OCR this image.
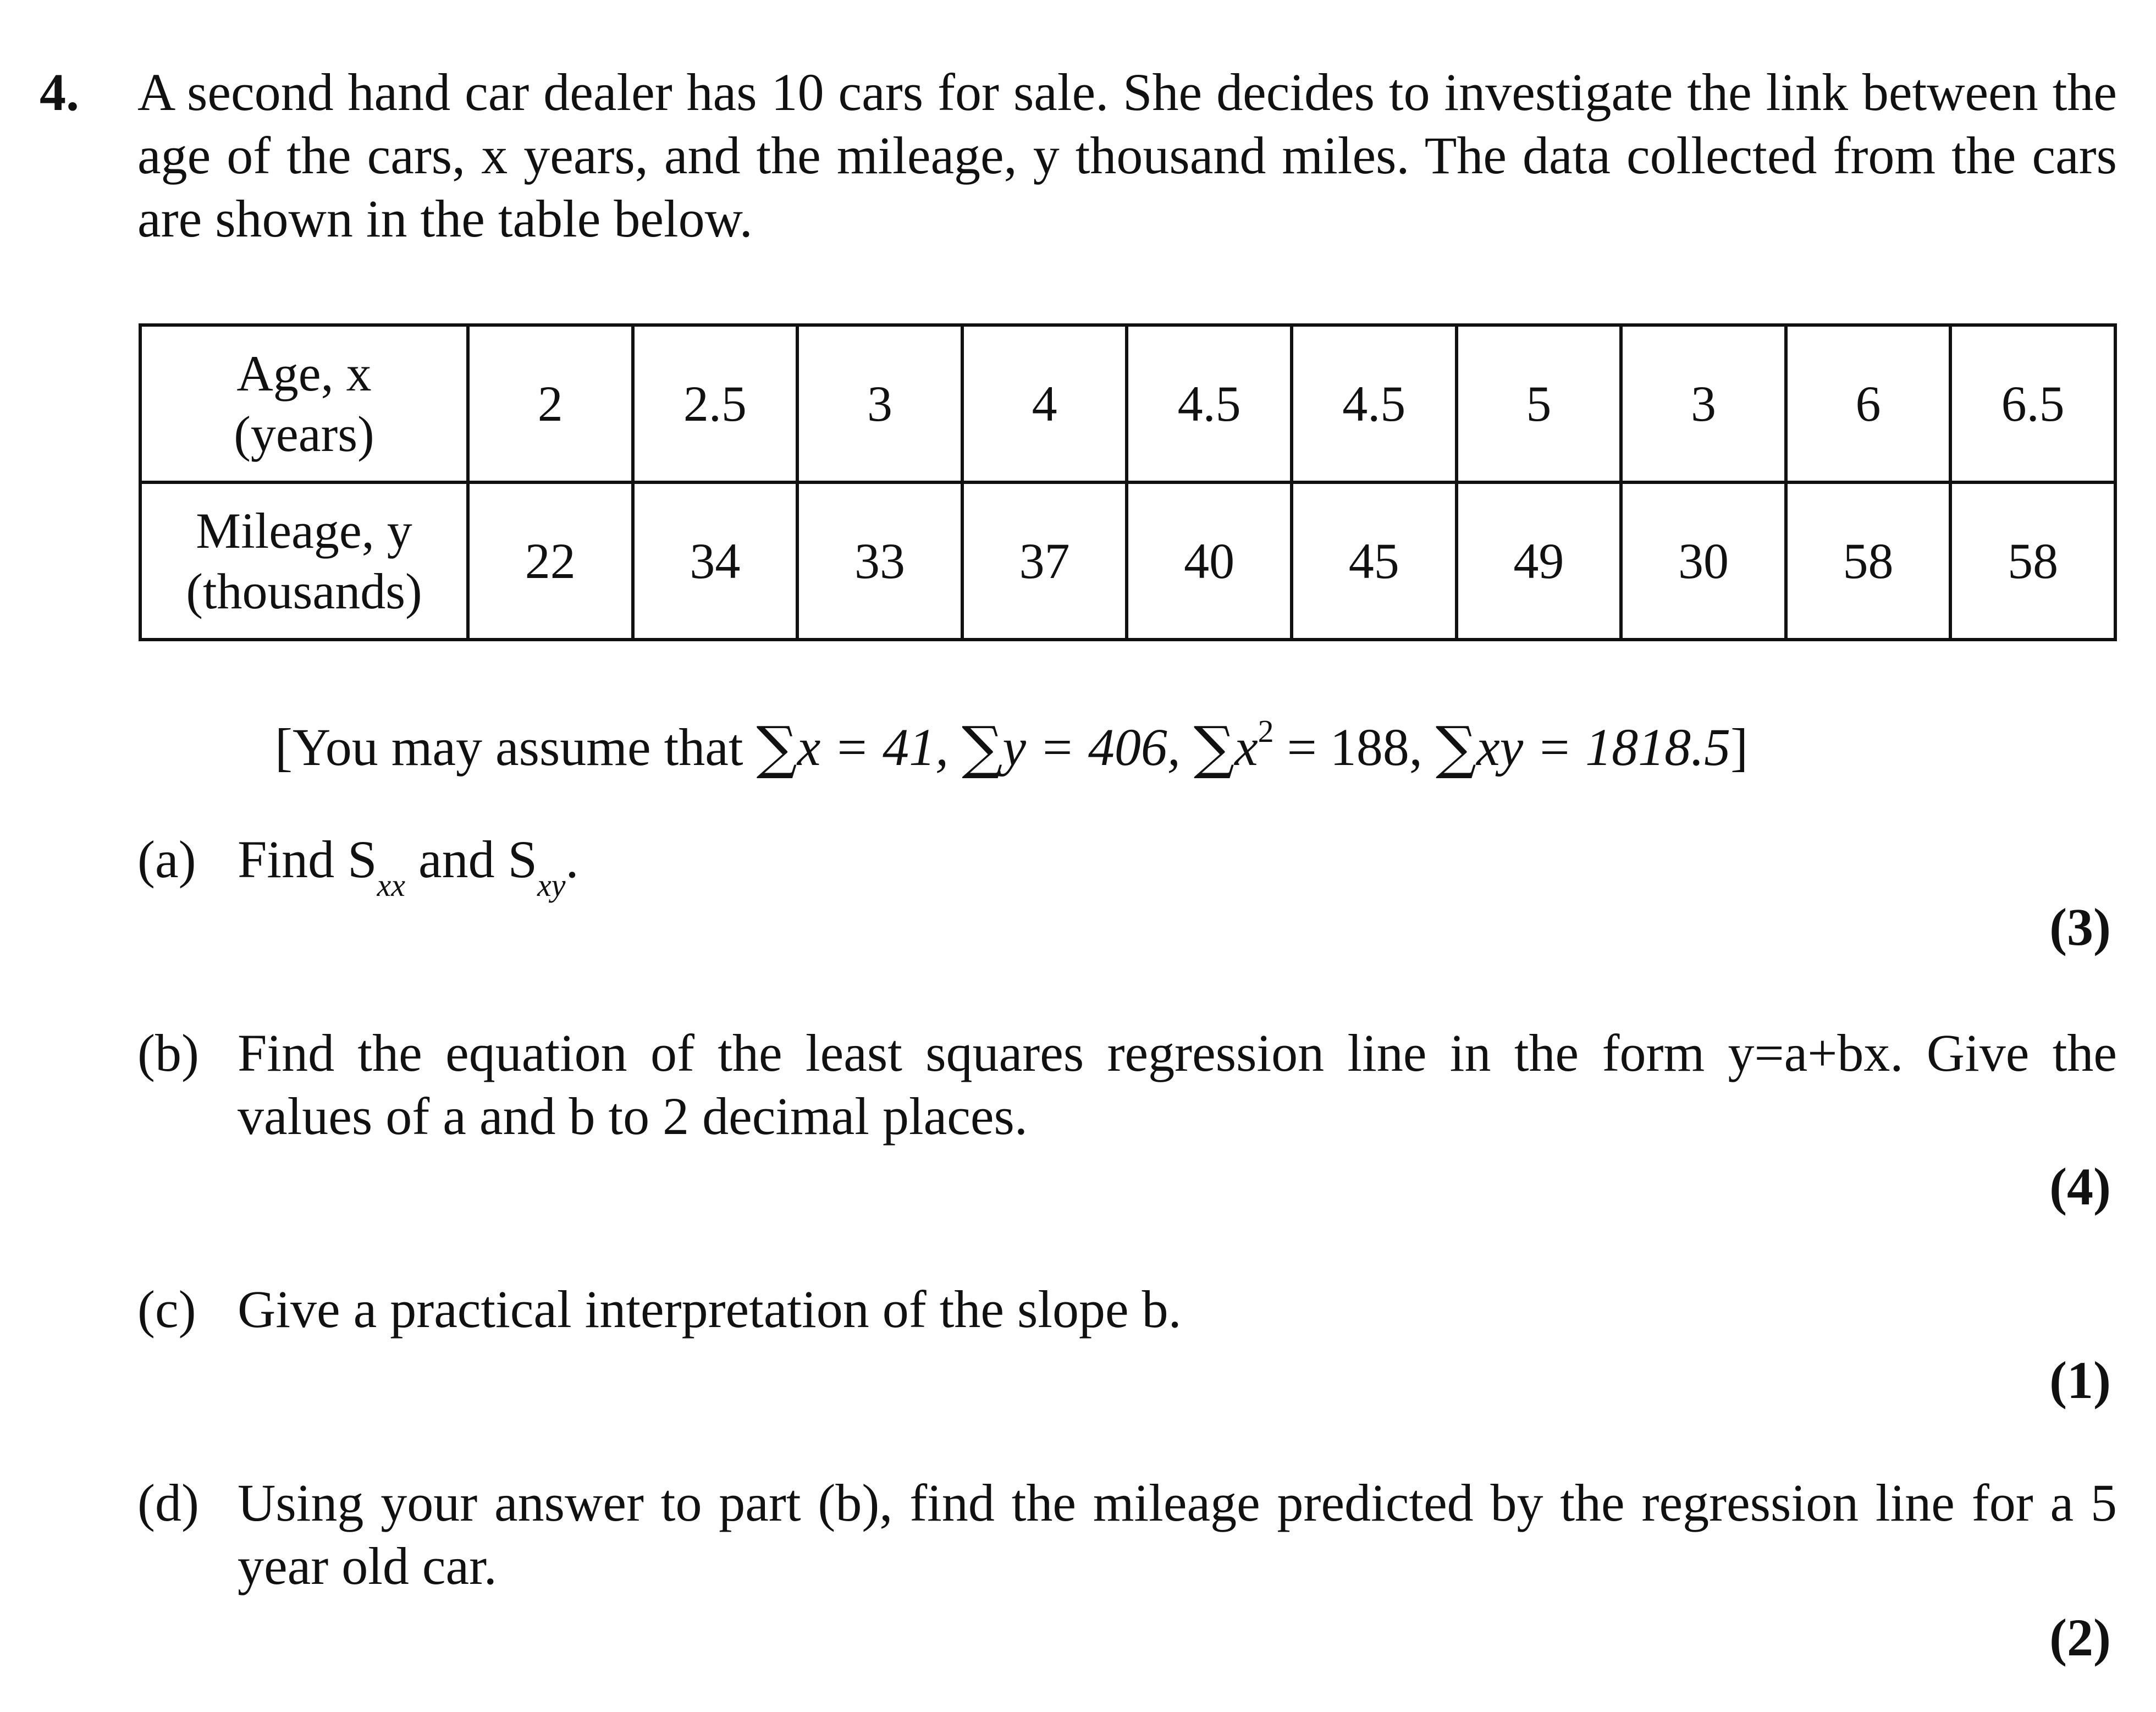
4. A second hand car dealer has 10 cars for sale. She decides to investigate the link between the age of the cars, x years, and the mileage, y thousand miles. The data collected from the cars are shown in the table below.

Age, x
(years)	2	2.5	3	4	4.5	4.5	5	3	6	6.5

Mileage, y
(thousands)	22	34	33	37	40	45	49	30	58	58
[You may assume that ∑x = 41, ∑y = 406, $\sum x^2 = 188$, ∑xy = 1818.5]
(a) Find $S_{xx}$ and $S_{xy}$.
(3)
(b) Find the equation of the least squares regression line in the form y=a+bx. Give the values of a and b to 2 decimal places.

(4)
(c) Give a practical interpretation of the slope b.

(1)
(d) Using your answer to part (b), find the mileage predicted by the regression line for a 5 year old car.

(2)
